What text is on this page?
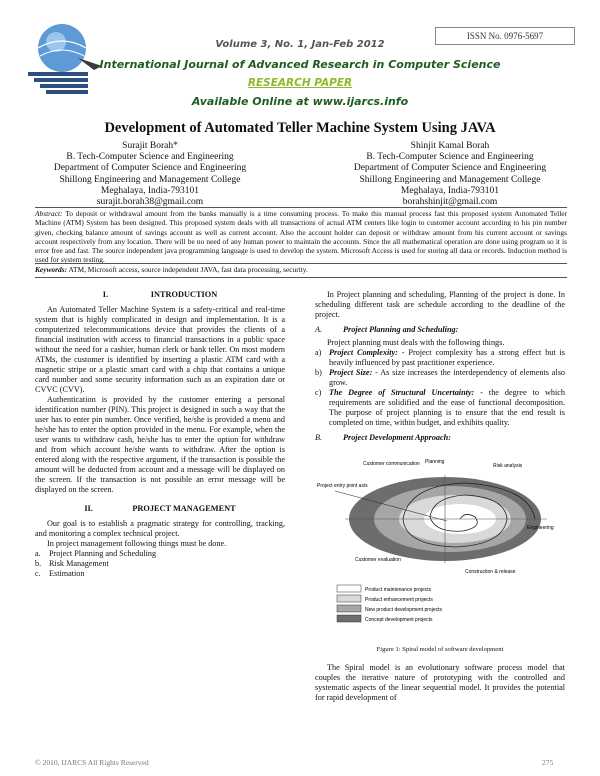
ISSN No. 0976-5697
Volume 3, No. 1, Jan-Feb 2012
International Journal of Advanced Research in Computer Science
RESEARCH PAPER
Available Online at www.ijarcs.info
Development of Automated Teller Machine System Using JAVA
Surajit Borah*
B. Tech-Computer Science and Engineering
Department of Computer Science and Engineering
Shillong Engineering and Management College
Meghalaya, India-793101
surajit.borah38@gmail.com
Shinjit Kamal Borah
B. Tech-Computer Science and Engineering
Department of Computer Science and Engineering
Shillong Engineering and Management College
Meghalaya, India-793101
borahshinjit@gmail.com
Abstract: To deposit or withdrawal amount from the banks manually is a time consuming process. To make this manual process fast this proposed system Automated Teller Machine (ATM) System has been designed. This proposed system deals with all transactions of actual ATM centers like login to customer account according to his pin number given, checking balance amount of savings account as well as current account. Also the account holder can deposit or withdraw amount from his current account or savings account respectively from any location. There will be no need of any human power to maintain the accounts. Since the all mathematical operation are done using program so it is error free and fast. The source independent java programming language is used to develop the system. Microsoft Access is used for storing all data or records. Induction method is used for system testing.
Keywords: ATM, Microsoft access, source independent JAVA, fast data processing, security.
I.	INTRODUCTION

An Automated Teller Machine System is a safety-critical and real-time system that is highly complicated in design and implementation. It is a computerized telecommunications device that provides the clients of a financial institution with access to financial transactions in a public space without the need for a cashier, human clerk or bank teller. On most modern ATMs, the customer is identified by inserting a plastic ATM card with a magnetic stripe or a plastic smart card with a chip that contains a unique card number and some security information such as an expiration date or CVVC (CVV).

Authentication is provided by the customer entering a personal identification number (PIN). This project is designed in such a way that the user has to enter pin number. Once verified, he/she is provided a menu and he/she has to enter the option provided in the menu. For example, when the user wants to withdraw cash, he/she has to enter the option for withdraw and from which account he/she wants to withdraw. After the option is entered along with the respective argument, if the transaction is possible the amount will be deducted from account and a message will be displayed on the screen. If the transaction is not possible an error message will be displayed on the screen.

II.	PROJECT MANAGEMENT

Our goal is to establish a pragmatic strategy for controlling, tracking, and monitoring a complex technical project.

In project management following things must be done.

a. Project Planning and Scheduling

b. Risk Management

c. Estimation

In Project planning and scheduling, Planning of the project is done. In scheduling different task are schedule according to the deadline of the project.

A.	Project Planning and Scheduling:

Project planning must deals with the following things.

a) Project Complexity: - Project complexity has a strong effect but is heavily influenced by past practitioner experience.

b) Project Size: - As size increases the interdependency of elements also grow.

c) The Degree of Structural Uncertainty: - the degree to which requirements are solidified and the ease of functional decomposition. The purpose of project planning is to ensure that the end result is completed on time, within budget, and exhibits quality.

B.	Project Development Approach:
Planning
Customer communication	Risk analysis
Project entry point axis
Engineering
Customer evaluation
Construction & release
Product maintenance projects
Product enhancement projects
New product development projects
Concept development projects
Figure 1: Spiral model of software development

The Spiral model is an evolutionary software process model that couples the iterative nature of prototyping with the controlled and systematic aspects of the linear sequential model. It provides the potential for rapid development of

© 2010, IJARCS All Rights Reserved	275
